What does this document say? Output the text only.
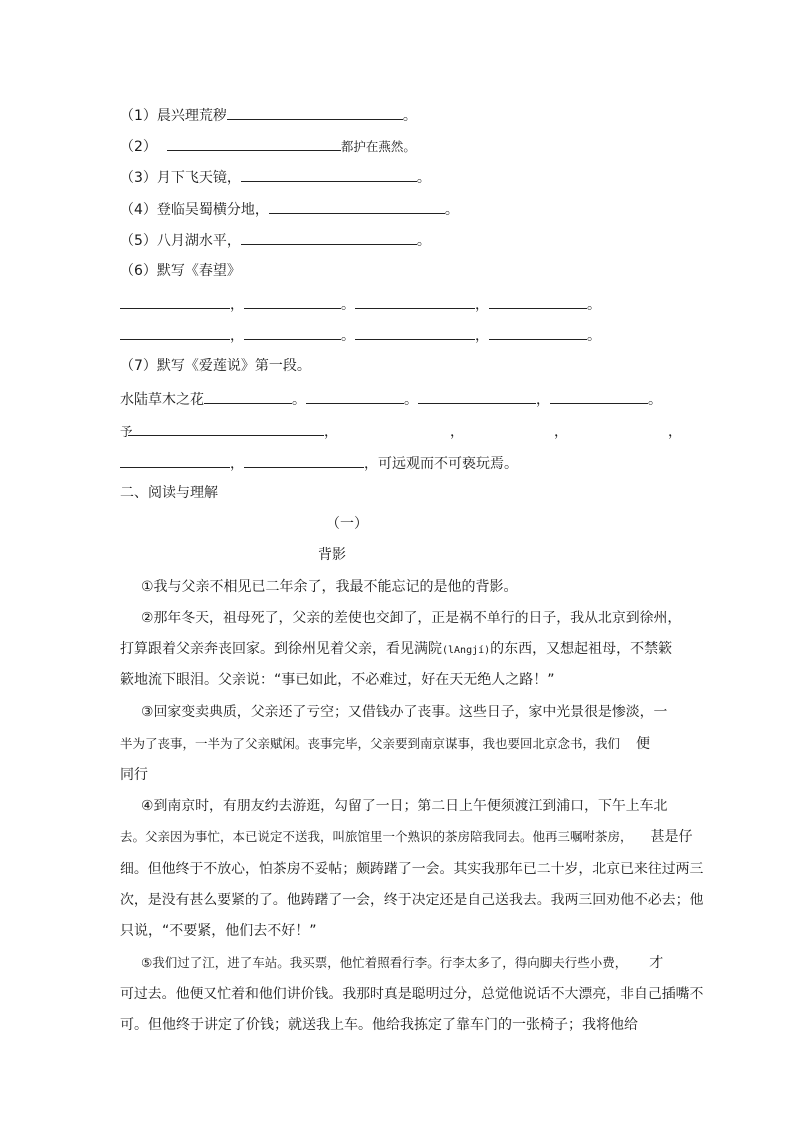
（1）晨兴理荒秽	。
（2）	都护在燕然。
（3）月下飞天镜，	。
（4）登临吴蜀横分地，	。
（5）八月湖水平，	。
（6）默写《春望》
，	。	，	。
，	。	，	。
（7）默写《爱莲说》第一段。
水陆草木之花	。	。	，	。
予	，	，	，	，
，	，可远观而不可亵玩焉。
二、阅读与理解
（一）
背影
①我与父亲不相见已二年余了，我最不能忘记的是他的背影。
②那年冬天，祖母死了，父亲的差使也交卸了，正是祸不单行的日子，我从北京到徐州，
打算跟着父亲奔丧回家。到徐州见着父亲，看见满院(lAngjí)的东西，又想起祖母，不禁簌
簌地流下眼泪。父亲说：“事已如此，不必难过，好在天无绝人之路！”
③回家变卖典质，父亲还了亏空；又借钱办了丧事。这些日子，家中光景很是惨淡，一
半为了丧事，一半为了父亲赋闲。丧事完毕，父亲要到南京谋事，我也要回北京念书，我们 便
同行
④到南京时，有朋友约去游逛，勾留了一日；第二日上午便须渡江到浦口，下午上车北
去。父亲因为事忙，本已说定不送我，叫旅馆里一个熟识的茶房陪我同去。他再三嘱咐茶房， 甚是仔
细。但他终于不放心，怕茶房不妥帖；颇踌躇了一会。其实我那年已二十岁，北京已来往过两三
次，是没有甚么要紧的了。他踌躇了一会，终于决定还是自己送我去。我两三回劝他不必去；他
只说，“不要紧，他们去不好！”
⑤我们过了江，进了车站。我买票，他忙着照看行李。行李太多了，得向脚夫行些小费， 才
可过去。他便又忙着和他们讲价钱。我那时真是聪明过分，总觉他说话不大漂亮，非自己插嘴不
可。但他终于讲定了价钱；就送我上车。他给我拣定了靠车门的一张椅子；我将他给
